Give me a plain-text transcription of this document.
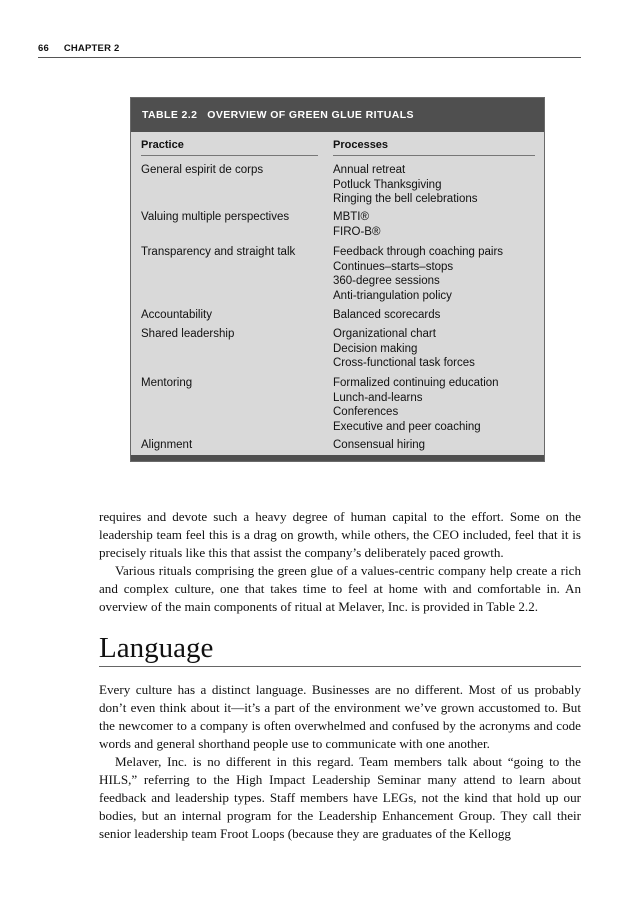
66 CHAPTER 2
TABLE 2.2   OVERVIEW OF GREEN GLUE RITUALS
Practice	Processes
General espirit de corps	Annual retreat
Potluck Thanksgiving
Ringing the bell celebrations
Valuing multiple perspectives	MBTI®
FIRO-B®
Transparency and straight talk	Feedback through coaching pairs
Continues–starts–stops
360-degree sessions
Anti-triangulation policy
Accountability	Balanced scorecards
Shared leadership	Organizational chart
Decision making
Cross-functional task forces
Mentoring	Formalized continuing education
Lunch-and-learns
Conferences
Executive and peer coaching
Alignment	Consensual hiring

requires and devote such a heavy degree of human capital to the effort. Some on the leadership team feel this is a drag on growth, while others, the CEO included, feel that it is precisely rituals like this that assist the company’s deliberately paced growth.

Various rituals comprising the green glue of a values-centric company help create a rich and complex culture, one that takes time to feel at home with and comfortable in. An overview of the main components of ritual at Melaver, Inc. is provided in Table 2.2.

Language

Every culture has a distinct language. Businesses are no different. Most of us probably don’t even think about it—it’s a part of the environment we’ve grown accustomed to. But the newcomer to a company is often overwhelmed and confused by the acronyms and code words and general shorthand people use to communicate with one another.

Melaver, Inc. is no different in this regard. Team members talk about “going to the HILS,” referring to the High Impact Leadership Seminar many attend to learn about feedback and leadership types. Staff members have LEGs, not the kind that hold up our bodies, but an internal program for the Leadership Enhancement Group. They call their senior leadership team Froot Loops (because they are graduates of the Kellogg
